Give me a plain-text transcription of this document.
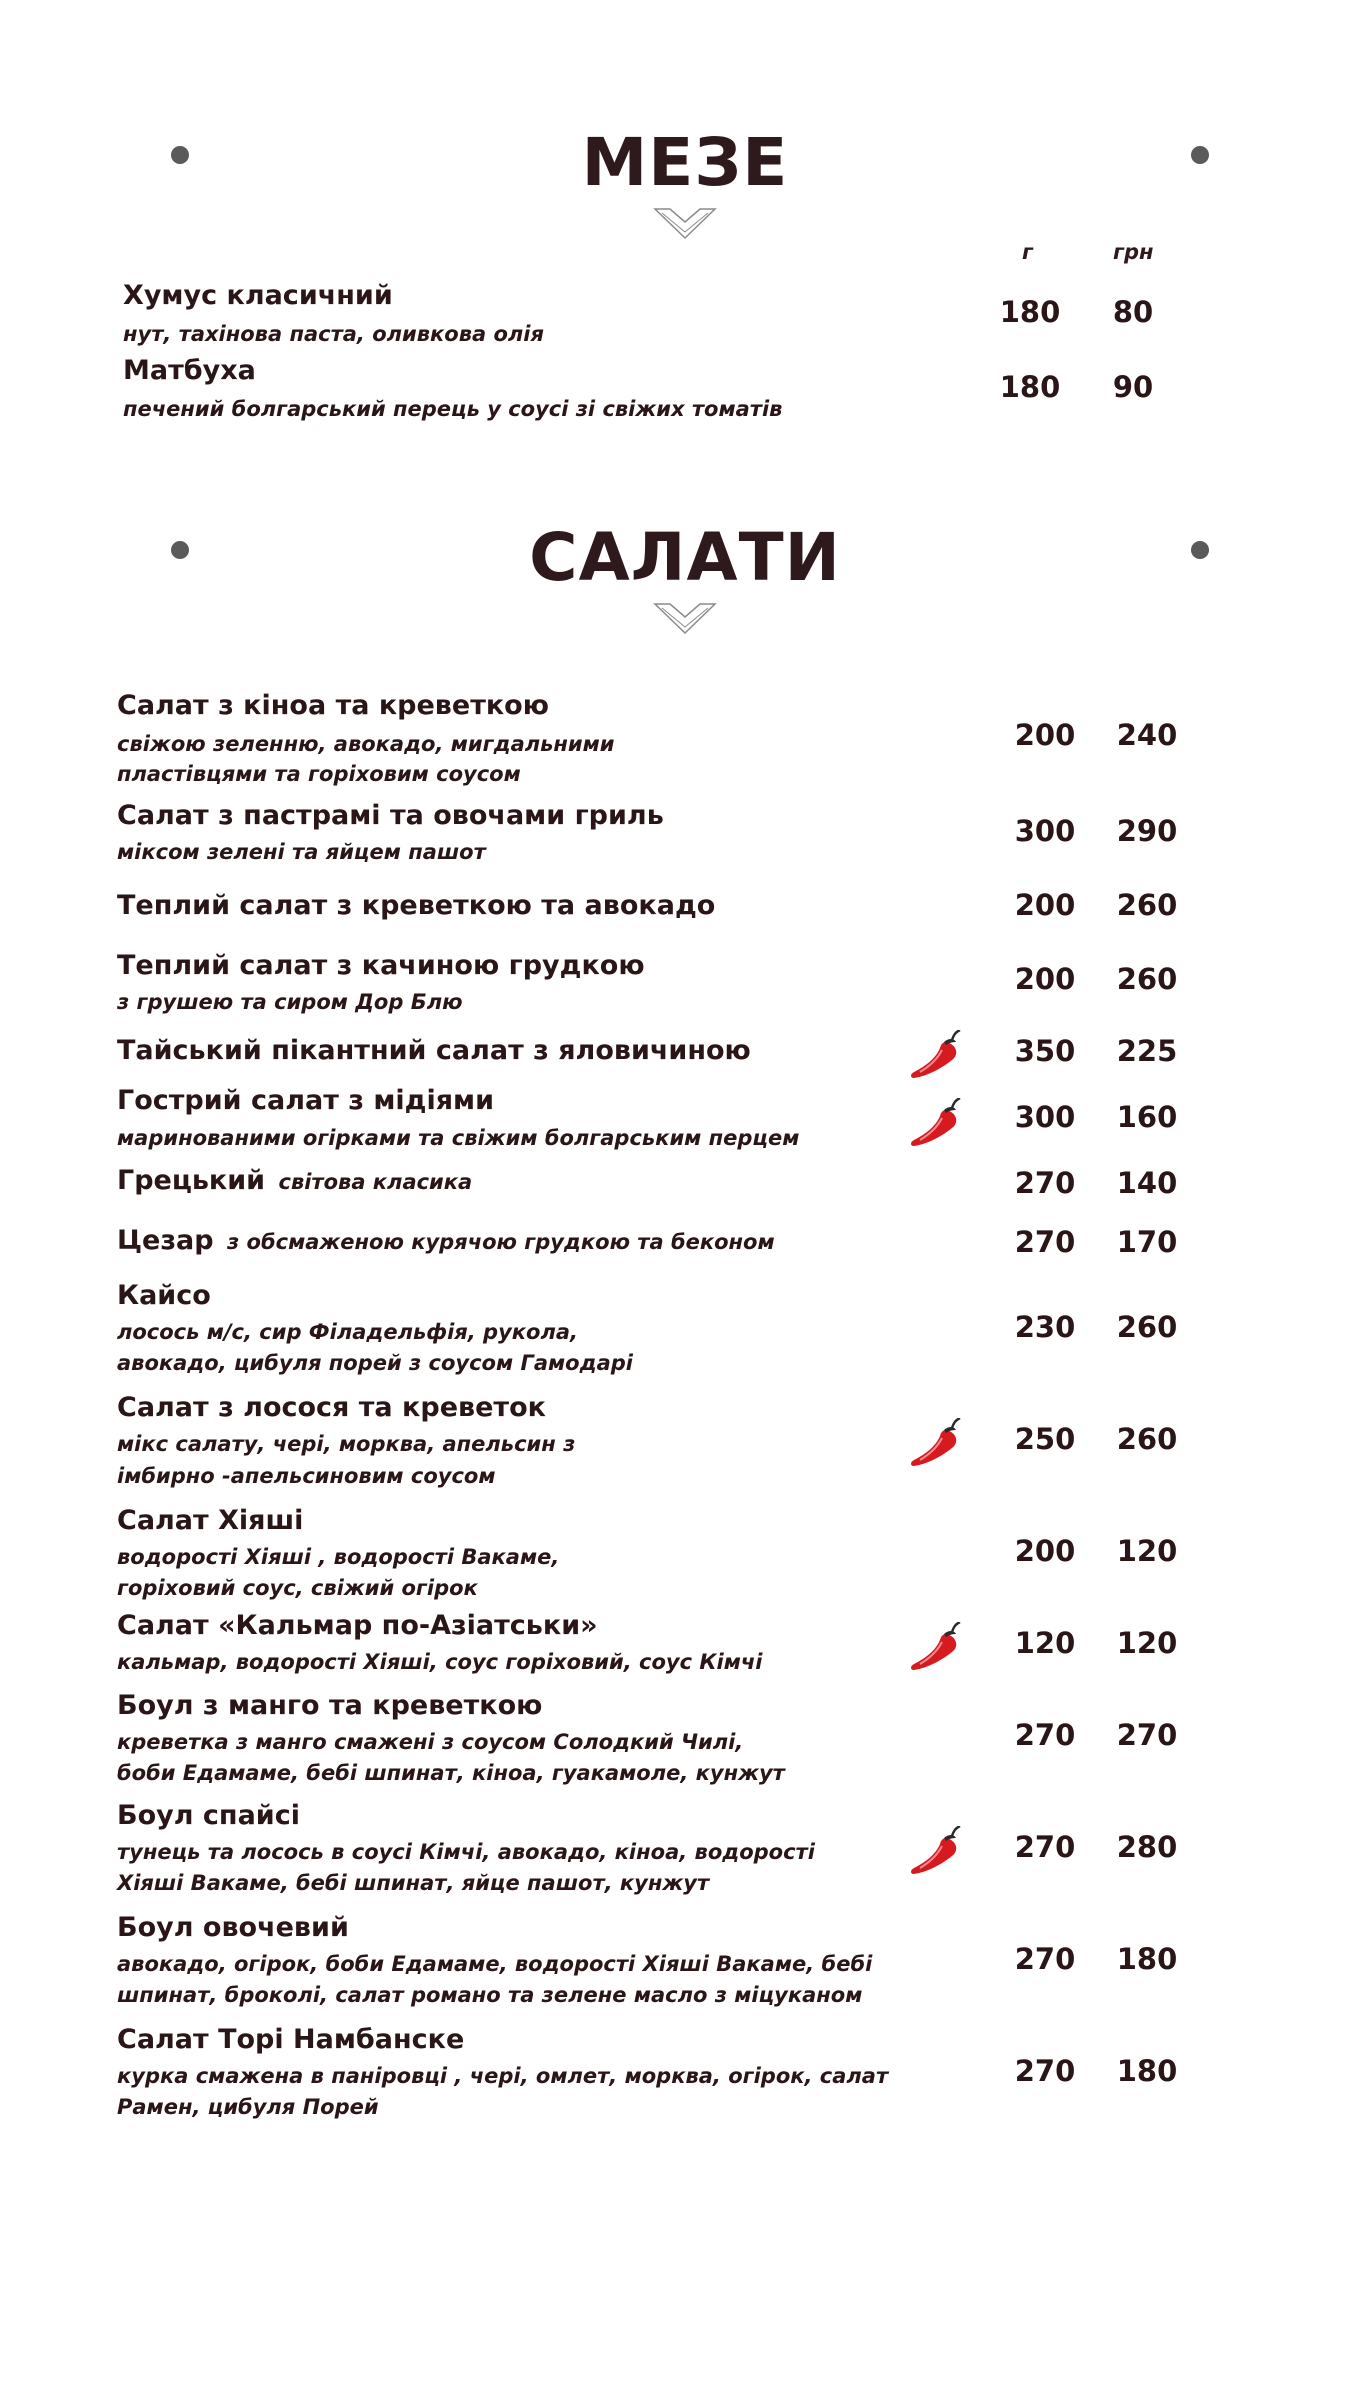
МЕЗЕ
г	грн
Хумус класичний
нут, тахінова паста, оливкова олія
180	80
Матбуха
печений болгарський перець у соусі зі свіжих томатів
180	90
САЛАТИ
Салат з кіноа та креветкою
свіжою зеленню, авокадо, мигдальними
пластівцями та горіховим соусом
200	240
Салат з пастрамі та овочами гриль
міксом зелені та яйцем пашот
300	290
Теплий салат з креветкою та авокадо	200	260
Теплий салат з качиною грудкою
з грушею та сиром Дор Блю
200	260
Тайський пікантний салат з яловичиною	350	225
Гострий салат з мідіями
маринованими огірками та свіжим болгарським перцем
300	160
Грецький світова класика	270	140
Цезар з обсмаженою курячою грудкою та беконом	270	170
Кайсо
лосось м/с, сир Філадельфія, рукола,
авокадо, цибуля порей з соусом Гамодарі
230	260
Салат з лосося та креветок
мікс салату, чері, морква, апельсин з
імбирно -апельсиновим соусом
250	260
Салат Хіяші
водорості Хіяші , водорості Вакаме,
горіховий соус, свіжий огірок
200	120
Салат «Кальмар по-Азіатськи»
кальмар, водорості Хіяші, соус горіховий, соус Кімчі
120	120
Боул з манго та креветкою
креветка з манго смажені з соусом Солодкий Чилі,
боби Едамаме, бебі шпинат, кіноа, гуакамоле, кунжут
270	270
Боул спайсі
тунець та лосось в соусі Кімчі, авокадо, кіноа, водорості
Хіяші Вакаме, бебі шпинат, яйце пашот, кунжут
270	280
Боул овочевий
авокадо, огірок, боби Едамаме, водорості Хіяші Вакаме, бебі
шпинат, броколі, салат романо та зелене масло з міцуканом
270	180
Салат Торі Намбанске
курка смажена в паніровці , чері, омлет, морква, огірок, салат
Рамен, цибуля Порей
270	180
